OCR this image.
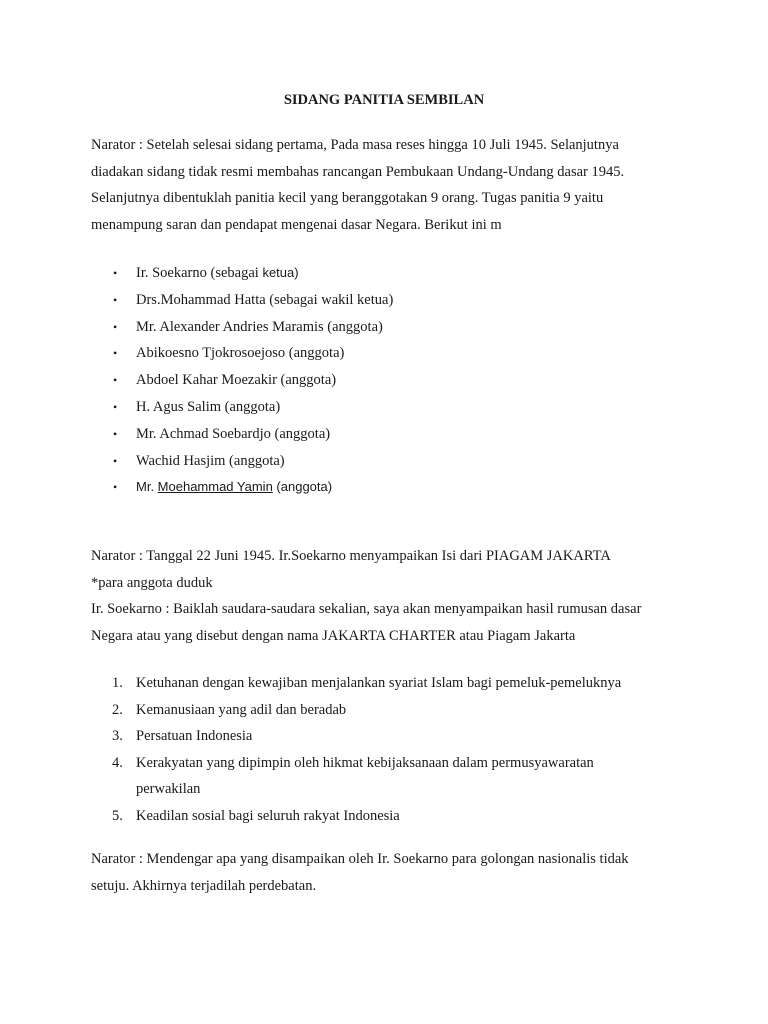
SIDANG PANITIA SEMBILAN

Narator : Setelah selesai sidang pertama, Pada masa reses hingga 10 Juli 1945. Selanjutnya
diadakan sidang tidak resmi membahas rancangan Pembukaan Undang-Undang dasar 1945.
Selanjutnya dibentuklah panitia kecil yang beranggotakan 9 orang. Tugas panitia 9 yaitu
menampung saran dan pendapat mengenai dasar Negara. Berikut ini m

• Ir. Soekarno (sebagai ketua)
• Drs.Mohammad Hatta (sebagai wakil ketua)
• Mr. Alexander Andries Maramis (anggota)
• Abikoesno Tjokrosoejoso (anggota)
• Abdoel Kahar Moezakir (anggota)
• H. Agus Salim (anggota)
• Mr. Achmad Soebardjo (anggota)
• Wachid Hasjim (anggota)
• Mr. Moehammad Yamin (anggota)

Narator : Tanggal 22 Juni 1945. Ir.Soekarno menyampaikan Isi dari PIAGAM JAKARTA
*para anggota duduk
Ir. Soekarno : Baiklah saudara-saudara sekalian, saya akan menyampaikan hasil rumusan dasar
Negara atau yang disebut dengan nama JAKARTA CHARTER atau Piagam Jakarta

1. Ketuhanan dengan kewajiban menjalankan syariat Islam bagi pemeluk-pemeluknya
2. Kemanusiaan yang adil dan beradab
3. Persatuan Indonesia
4. Kerakyatan yang dipimpin oleh hikmat kebijaksanaan dalam permusyawaratan
perwakilan
5. Keadilan sosial bagi seluruh rakyat Indonesia

Narator : Mendengar apa yang disampaikan oleh Ir. Soekarno para golongan nasionalis tidak
setuju. Akhirnya terjadilah perdebatan.
